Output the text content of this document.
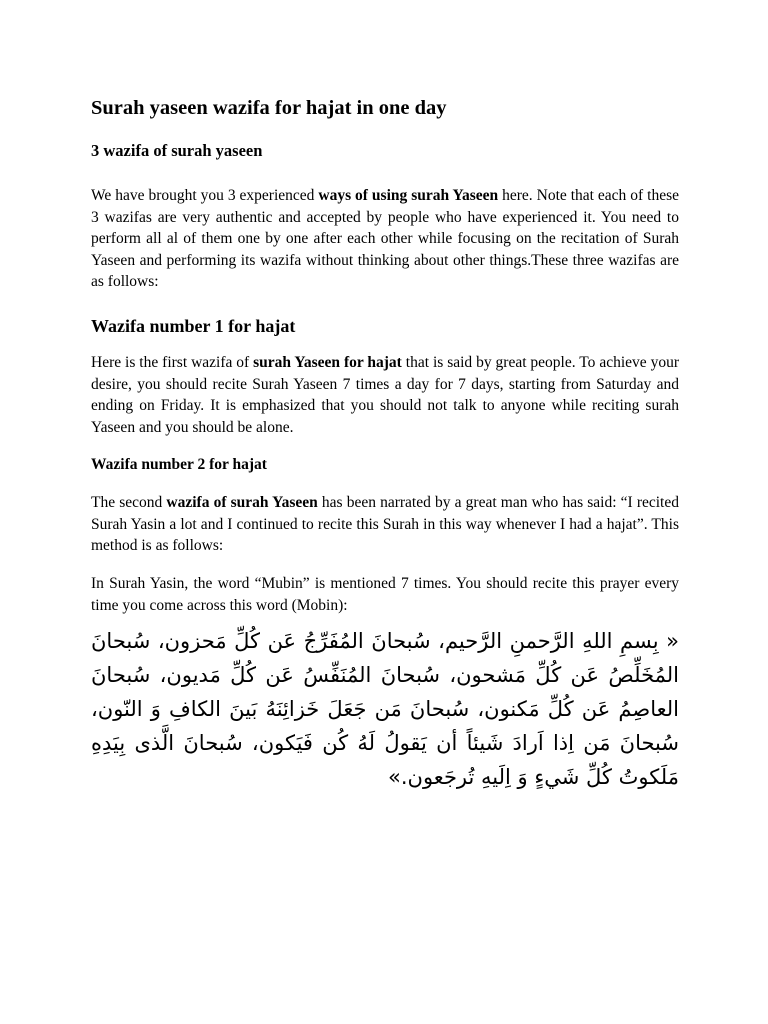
Surah yaseen wazifa for hajat in one day
3 wazifa of surah yaseen

We have brought you 3 experienced ways of using surah Yaseen here. Note that each of these 3 wazifas are very authentic and accepted by people who have experienced it. You need to perform all al of them one by one after each other while focusing on the recitation of Surah Yaseen and performing its wazifa without thinking about other things.These three wazifas are as follows:

Wazifa number 1 for hajat

Here is the first wazifa of surah Yaseen for hajat that is said by great people. To achieve your desire, you should recite Surah Yaseen 7 times a day for 7 days, starting from Saturday and ending on Friday. It is emphasized that you should not talk to anyone while reciting surah Yaseen and you should be alone.

Wazifa number 2 for hajat

The second wazifa of surah Yaseen has been narrated by a great man who has said: “I recited Surah Yasin a lot and I continued to recite this Surah in this way whenever I had a hajat”. This method is as follows:

In Surah Yasin, the word “Mubin” is mentioned 7 times. You should recite this prayer every time you come across this word (Mobin):

« بِسمِ اللهِ الرَّحمنِ الرَّحيم، سُبحانَ المُفَرِّجُ عَن كُلِّ مَحزون، سُبحانَ المُخَلِّصُ عَن كُلِّ مَشحون، سُبحانَ المُنَفِّسُ عَن كُلِّ مَديون، سُبحانَ العاصِمُ عَن كُلِّ مَكنون، سُبحانَ مَن جَعَلَ خَزائِنَهُ بَينَ الكافِ وَ النّون، سُبحانَ مَن اِذا اَرادَ شَيئاً أن يَقولُ لَهُ كُن فَيَكون، سُبحانَ الَّذى بِيَدِهِ مَلَكوتُ كُلِّ شَيءٍ وَ اِلَيهِ تُرجَعون.»
